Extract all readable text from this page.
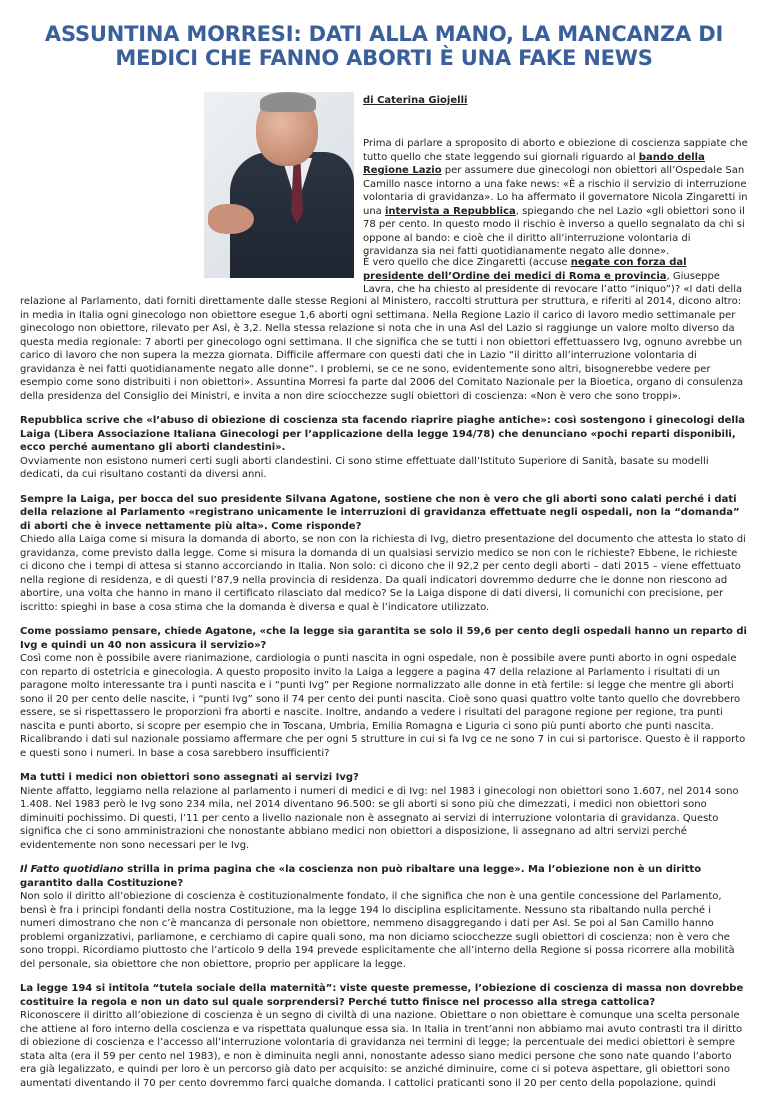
ASSUNTINA MORRESI: DATI ALLA MANO, LA MANCANZA DI MEDICI CHE FANNO ABORTI È UNA FAKE NEWS

di Caterina Giojelli

Prima di parlare a sproposito di aborto e obiezione di coscienza sappiate che tutto quello che state leggendo sui giornali riguardo al bando della Regione Lazio per assumere due ginecologi non obiettori all’Ospedale San Camillo nasce intorno a una fake news: «È a rischio il servizio di interruzione volontaria di gravidanza». Lo ha affermato il governatore Nicola Zingaretti in una intervista a Repubblica, spiegando che nel Lazio «gli obiettori sono il 78 per cento. In questo modo il rischio è inverso a quello segnalato da chi si oppone al bando: e cioè che il diritto all’interruzione volontaria di gravidanza sia nei fatti quotidianamente negato alle donne».

È vero quello che dice Zingaretti (accuse negate con forza dal presidente dell’Ordine dei medici di Roma e provincia, Giuseppe Lavra, che ha chiesto al presidente di revocare l’atto “iniquo”)? «I dati della

relazione al Parlamento, dati forniti direttamente dalle stesse Regioni al Ministero, raccolti struttura per struttura, e riferiti al 2014, dicono altro: in media in Italia ogni ginecologo non obiettore esegue 1,6 aborti ogni settimana. Nella Regione Lazio il carico di lavoro medio settimanale per ginecologo non obiettore, rilevato per Asl, è 3,2. Nella stessa relazione si nota che in una Asl del Lazio si raggiunge un valore molto diverso da questa media regionale: 7 aborti per ginecologo ogni settimana. Il che significa che se tutti i non obiettori effettuassero Ivg, ognuno avrebbe un carico di lavoro che non supera la mezza giornata. Difficile affermare con questi dati che in Lazio “il diritto all’interruzione volontaria di gravidanza è nei fatti quotidianamente negato alle donne”. I problemi, se ce ne sono, evidentemente sono altri, bisognerebbe vedere per esempio come sono distribuiti i non obiettori». Assuntina Morresi fa parte dal 2006 del Comitato Nazionale per la Bioetica, organo di consulenza della presidenza del Consiglio dei Ministri, e invita a non dire sciocchezze sugli obiettori di coscienza: «Non è vero che sono troppi».

Repubblica scrive che «l’abuso di obiezione di coscienza sta facendo riaprire piaghe antiche»: così sostengono i ginecologi della Laiga (Libera Associazione Italiana Ginecologi per l’applicazione della legge 194/78) che denunciano «pochi reparti disponibili, ecco perché aumentano gli aborti clandestini».
Ovviamente non esistono numeri certi sugli aborti clandestini. Ci sono stime effettuate dall’Istituto Superiore di Sanità, basate su modelli dedicati, da cui risultano costanti da diversi anni.

Sempre la Laiga, per bocca del suo presidente Silvana Agatone, sostiene che non è vero che gli aborti sono calati perché i dati della relazione al Parlamento «registrano unicamente le interruzioni di gravidanza effettuate negli ospedali, non la “domanda” di aborti che è invece nettamente più alta». Come risponde?
Chiedo alla Laiga come si misura la domanda di aborto, se non con la richiesta di Ivg, dietro presentazione del documento che attesta lo stato di gravidanza, come previsto dalla legge. Come si misura la domanda di un qualsiasi servizio medico se non con le richieste? Ebbene, le richieste ci dicono che i tempi di attesa si stanno accorciando in Italia. Non solo: ci dicono che il 92,2 per cento degli aborti – dati 2015 – viene effettuato nella regione di residenza, e di questi l’87,9 nella provincia di residenza. Da quali indicatori dovremmo dedurre che le donne non riescono ad abortire, una volta che hanno in mano il certificato rilasciato dal medico? Se la Laiga dispone di dati diversi, li comunichi con precisione, per iscritto: spieghi in base a cosa stima che la domanda è diversa e qual è l’indicatore utilizzato.

Come possiamo pensare, chiede Agatone, «che la legge sia garantita se solo il 59,6 per cento degli ospedali hanno un reparto di Ivg e quindi un 40 non assicura il servizio»?
Così come non è possibile avere rianimazione, cardiologia o punti nascita in ogni ospedale, non è possibile avere punti aborto in ogni ospedale con reparto di ostetricia e ginecologia. A questo proposito invito la Laiga a leggere a pagina 47 della relazione al Parlamento i risultati di un paragone molto interessante tra i punti nascita e i “punti Ivg” per Regione normalizzato alle donne in età fertile: si legge che mentre gli aborti sono il 20 per cento delle nascite, i “punti Ivg” sono il 74 per cento dei punti nascita. Cioè sono quasi quattro volte tanto quello che dovrebbero essere, se si rispettassero le proporzioni fra aborti e nascite. Inoltre, andando a vedere i risultati del paragone regione per regione, tra punti nascita e punti aborto, si scopre per esempio che in Toscana, Umbria, Emilia Romagna e Liguria ci sono più punti aborto che punti nascita. Ricalibrando i dati sul nazionale possiamo affermare che per ogni 5 strutture in cui si fa Ivg ce ne sono 7 in cui si partorisce. Questo è il rapporto e questi sono i numeri. In base a cosa sarebbero insufficienti?

Ma tutti i medici non obiettori sono assegnati ai servizi Ivg?
Niente affatto, leggiamo nella relazione al parlamento i numeri di medici e di Ivg: nel 1983 i ginecologi non obiettori sono 1.607, nel 2014 sono 1.408. Nel 1983 però le Ivg sono 234 mila, nel 2014 diventano 96.500: se gli aborti si sono più che dimezzati, i medici non obiettori sono diminuiti pochissimo. Di questi, l’11 per cento a livello nazionale non è assegnato ai servizi di interruzione volontaria di gravidanza. Questo significa che ci sono amministrazioni che nonostante abbiano medici non obiettori a disposizione, li assegnano ad altri servizi perché evidentemente non sono necessari per le Ivg.

Il Fatto quotidiano strilla in prima pagina che «la coscienza non può ribaltare una legge». Ma l’obiezione non è un diritto garantito dalla Costituzione?
Non solo il diritto all’obiezione di coscienza è costituzionalmente fondato, il che significa che non è una gentile concessione del Parlamento, bensì è fra i principi fondanti della nostra Costituzione, ma la legge 194 lo disciplina esplicitamente. Nessuno sta ribaltando nulla perché i numeri dimostrano che non c’è mancanza di personale non obiettore, nemmeno disaggregando i dati per Asl. Se poi al San Camillo hanno problemi organizzativi, parliamone, e cerchiamo di capire quali sono, ma non diciamo sciocchezze sugli obiettori di coscienza: non è vero che sono troppi. Ricordiamo piuttosto che l’articolo 9 della 194 prevede esplicitamente che all’interno della Regione si possa ricorrere alla mobilità del personale, sia obiettore che non obiettore, proprio per applicare la legge.

La legge 194 si intitola “tutela sociale della maternità”: viste queste premesse, l’obiezione di coscienza di massa non dovrebbe costituire la regola e non un dato sul quale sorprendersi? Perché tutto finisce nel processo alla strega cattolica?
Riconoscere il diritto all’obiezione di coscienza è un segno di civiltà di una nazione. Obiettare o non obiettare è comunque una scelta personale che attiene al foro interno della coscienza e va rispettata qualunque essa sia. In Italia in trent’anni non abbiamo mai avuto contrasti tra il diritto di obiezione di coscienza e l’accesso all’interruzione volontaria di gravidanza nei termini di legge; la percentuale dei medici obiettori è sempre stata alta (era il 59 per cento nel 1983), e non è diminuita negli anni, nonostante adesso siano medici persone che sono nate quando l’aborto era già legalizzato, e quindi per loro è un percorso già dato per acquisito: se anziché diminuire, come ci si poteva aspettare, gli obiettori sono aumentati diventando il 70 per cento dovremmo farci qualche domanda. I cattolici praticanti sono il 20 per cento della popolazione, quindi
